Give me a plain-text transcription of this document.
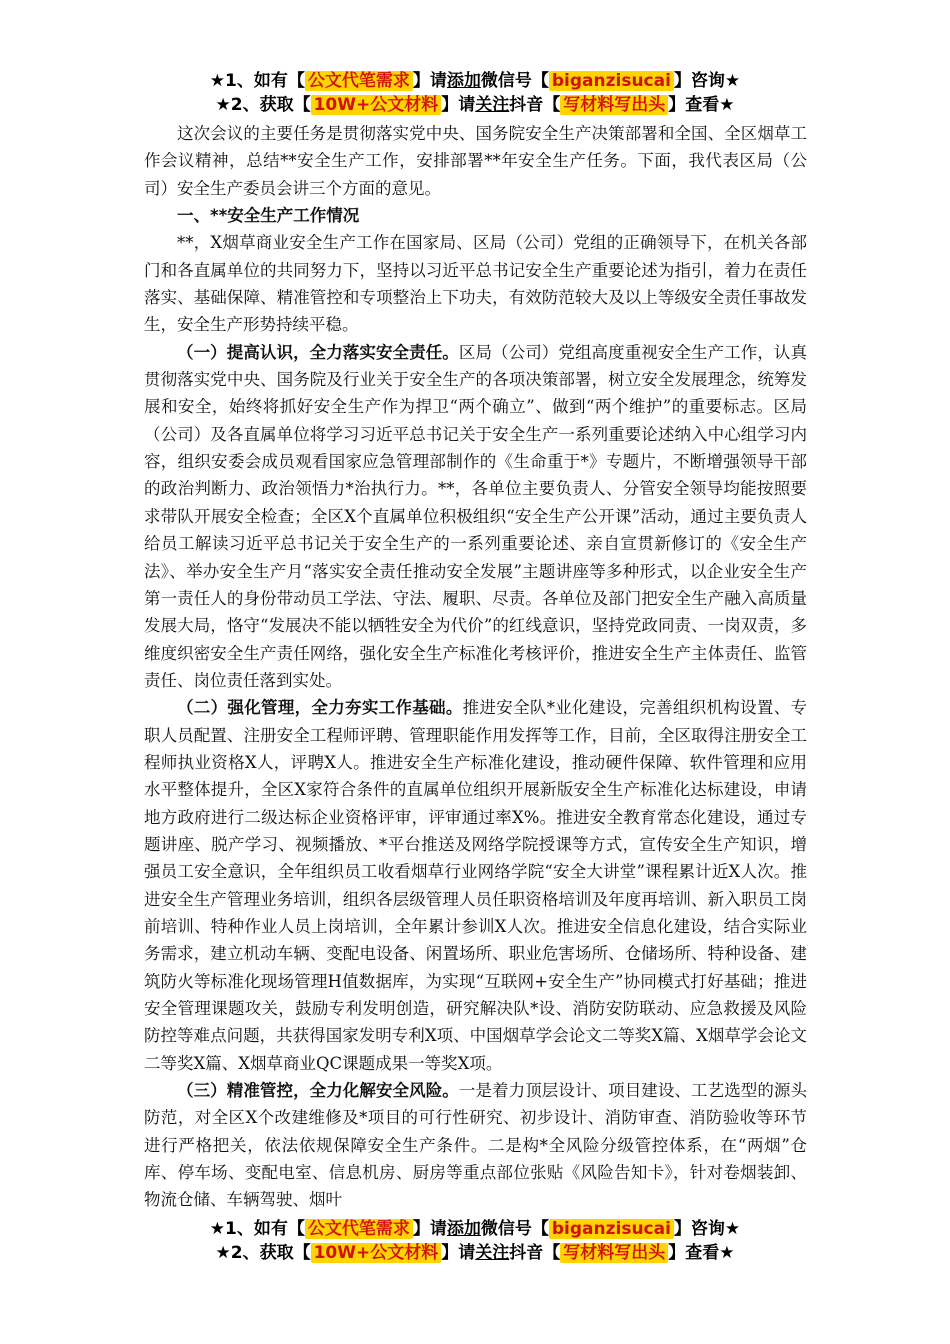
★1、如有【 公文代笔需求 】请添加微信号【 biganzisucai 】咨询★
★2、获取【 10W+公文材料 】请关注抖音【 写材料写出头 】查看★

这次会议的主要任务是贯彻落实党中央、国务院安全生产决策部署和全国、全区烟草工作会议精神，总结**安全生产工作，安排部署**年安全生产任务。下面，我代表区局（公司）安全生产委员会讲三个方面的意见。

一、**安全生产工作情况

**，X烟草商业安全生产工作在国家局、区局（公司）党组的正确领导下，在机关各部门和各直属单位的共同努力下，坚持以习近平总书记安全生产重要论述为指引，着力在责任落实、基础保障、精准管控和专项整治上下功夫，有效防范较大及以上等级安全责任事故发生，安全生产形势持续平稳。

（一）提高认识，全力落实安全责任。区局（公司）党组高度重视安全生产工作，认真贯彻落实党中央、国务院及行业关于安全生产的各项决策部署，树立安全发展理念，统筹发展和安全，始终将抓好安全生产作为捍卫“两个确立”、做到“两个维护”的重要标志。区局（公司）及各直属单位将学习习近平总书记关于安全生产一系列重要论述纳入中心组学习内容，组织安委会成员观看国家应急管理部制作的《生命重于*》专题片，不断增强领导干部的政治判断力、政治领悟力*治执行力。**，各单位主要负责人、分管安全领导均能按照要求带队开展安全检查；全区X个直属单位积极组织“安全生产公开课”活动，通过主要负责人给员工解读习近平总书记关于安全生产的一系列重要论述、亲自宣贯新修订的《安全生产法》、举办安全生产月“落实安全责任推动安全发展”主题讲座等多种形式，以企业安全生产第一责任人的身份带动员工学法、守法、履职、尽责。各单位及部门把安全生产融入高质量发展大局，恪守“发展决不能以牺牲安全为代价”的红线意识，坚持党政同责、一岗双责，多维度织密安全生产责任网络，强化安全生产标准化考核评价，推进安全生产主体责任、监管责任、岗位责任落到实处。

（二）强化管理，全力夯实工作基础。推进安全队*业化建设，完善组织机构设置、专职人员配置、注册安全工程师评聘、管理职能作用发挥等工作，目前，全区取得注册安全工程师执业资格X人，评聘X人。推进安全生产标准化建设，推动硬件保障、软件管理和应用水平整体提升，全区X家符合条件的直属单位组织开展新版安全生产标准化达标建设，申请地方政府进行二级达标企业资格评审，评审通过率X%。推进安全教育常态化建设，通过专题讲座、脱产学习、视频播放、*平台推送及网络学院授课等方式，宣传安全生产知识，增强员工安全意识，全年组织员工收看烟草行业网络学院“安全大讲堂”课程累计近X人次。推进安全生产管理业务培训，组织各层级管理人员任职资格培训及年度再培训、新入职员工岗前培训、特种作业人员上岗培训，全年累计参训X人次。推进安全信息化建设，结合实际业务需求，建立机动车辆、变配电设备、闲置场所、职业危害场所、仓储场所、特种设备、建筑防火等标准化现场管理H值数据库，为实现“互联网+安全生产”协同模式打好基础；推进安全管理课题攻关，鼓励专利发明创造，研究解决队*设、消防安防联动、应急救援及风险防控等难点问题，共获得国家发明专利X项、中国烟草学会论文二等奖X篇、X烟草学会论文二等奖X篇、X烟草商业QC课题成果一等奖X项。

（三）精准管控，全力化解安全风险。一是着力顶层设计、项目建设、工艺选型的源头防范，对全区X个改建维修及*项目的可行性研究、初步设计、消防审查、消防验收等环节进行严格把关，依法依规保障安全生产条件。二是构*全风险分级管控体系，在“两烟”仓库、停车场、变配电室、信息机房、厨房等重点部位张贴《风险告知卡》，针对卷烟装卸、物流仓储、车辆驾驶、烟叶

★1、如有【 公文代笔需求 】请添加微信号【 biganzisucai 】咨询★
★2、获取【 10W+公文材料 】请关注抖音【 写材料写出头 】查看★
